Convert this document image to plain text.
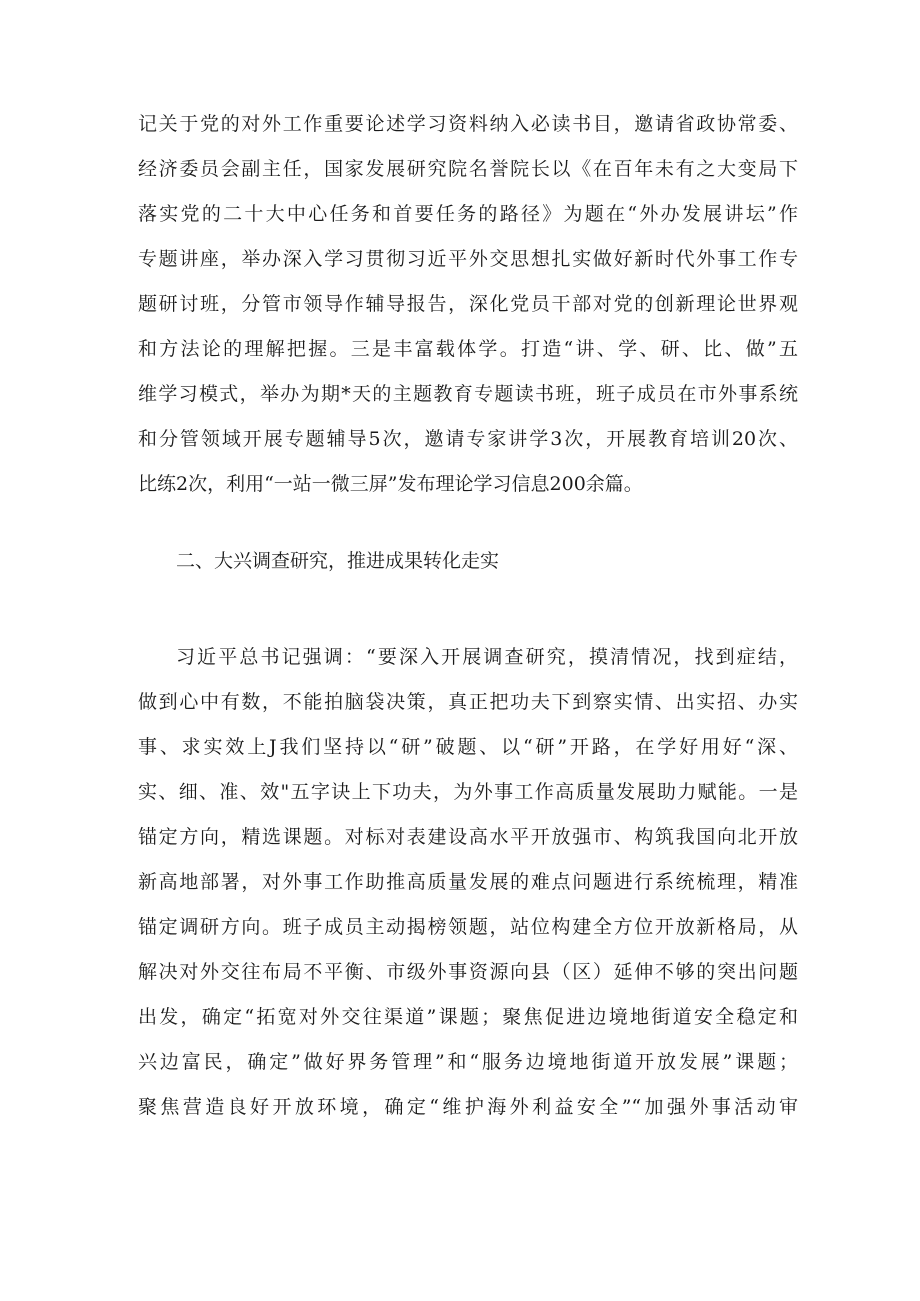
记关于党的对外工作重要论述学习资料纳入必读书目，邀请省政协常委、
经济委员会副主任，国家发展研究院名誉院长以《在百年未有之大变局下
落实党的二十大中心任务和首要任务的路径》为题在“外办发展讲坛”作
专题讲座，举办深入学习贯彻习近平外交思想扎实做好新时代外事工作专
题研讨班，分管市领导作辅导报告，深化党员干部对党的创新理论世界观
和方法论的理解把握。三是丰富载体学。打造“讲、学、研、比、做”五
维学习模式，举办为期*天的主题教育专题读书班，班子成员在市外事系统
和分管领域开展专题辅导5次，邀请专家讲学3次，开展教育培训20次、
比练2次，利用“一站一微三屏”发布理论学习信息200余篇。
二、大兴调查研究，推进成果转化走实
习近平总书记强调：“要深入开展调查研究，摸清情况，找到症结，
做到心中有数，不能拍脑袋决策，真正把功夫下到察实情、出实招、办实
事、求实效上J我们坚持以“研”破题、以“研”开路，在学好用好“深、
实、细、准、效"五字诀上下功夫，为外事工作高质量发展助力赋能。一是
锚定方向，精选课题。对标对表建设高水平开放强市、构筑我国向北开放
新高地部署，对外事工作助推高质量发展的难点问题进行系统梳理，精准
锚定调研方向。班子成员主动揭榜领题，站位构建全方位开放新格局，从
解决对外交往布局不平衡、市级外事资源向县（区）延伸不够的突出问题
出发，确定“拓宽对外交往渠道”课题；聚焦促进边境地街道安全稳定和
兴边富民，确定”做好界务管理”和“服务边境地街道开放发展”课题；
聚焦营造良好开放环境，确定“维护海外利益安全”“加强外事活动审
